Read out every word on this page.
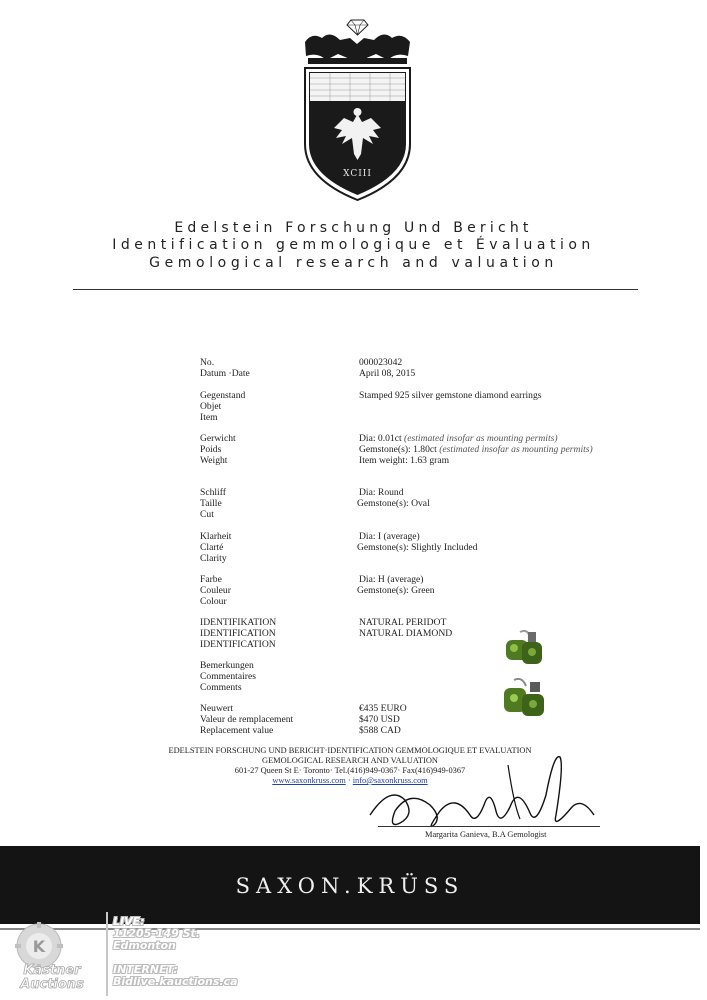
XCIII
Edelstein Forschung Und Bericht
Identification gemmologique et Évaluation
Gemological research and valuation
No.	000023042
Datum ·Date	April 08, 2015
Gegenstand
Objet
Item
Stamped 925 silver gemstone diamond earrings
Gerwicht
Poids
Weight
Dia: 0.01ct (estimated insofar as mounting permits)
Gemstone(s): 1.80ct (estimated insofar as mounting permits)
Item weight: 1.63 gram
Schliff
Taille
Cut
Dia: Round
Gemstone(s): Oval
Klarheit
Clarté
Clarity
Dia: I (average)
Gemstone(s): Slightly Included
Farbe
Couleur
Colour
Dia: H (average)
Gemstone(s): Green
IDENTIFIKATION
IDENTIFICATION
IDENTIFICATION
NATURAL PERIDOT
NATURAL DIAMOND
Bemerkungen
Commentaires
Comments
Neuwert
Valeur de remplacement
Replacement value
€435 EURO
$470 USD
$588 CAD
EDELSTEIN FORSCHUNG UND BERICHT·IDENTIFICATION GEMMOLOGIQUE ET EVALUATION
GEMOLOGICAL RESEARCH AND VALUATION
601-27 Queen St E· Toronto· Tel.(416)949-0367· Fax(416)949-0367
www.saxonkruss.com · info@saxonkruss.com
Margarita Ganieva, B.A Gemologist
SAXON.KRÜSS
K
Kastner
Auctions
LIVE:
11205-149 St.
Edmonton
INTERNET:
Bidlive.kauctions.ca
